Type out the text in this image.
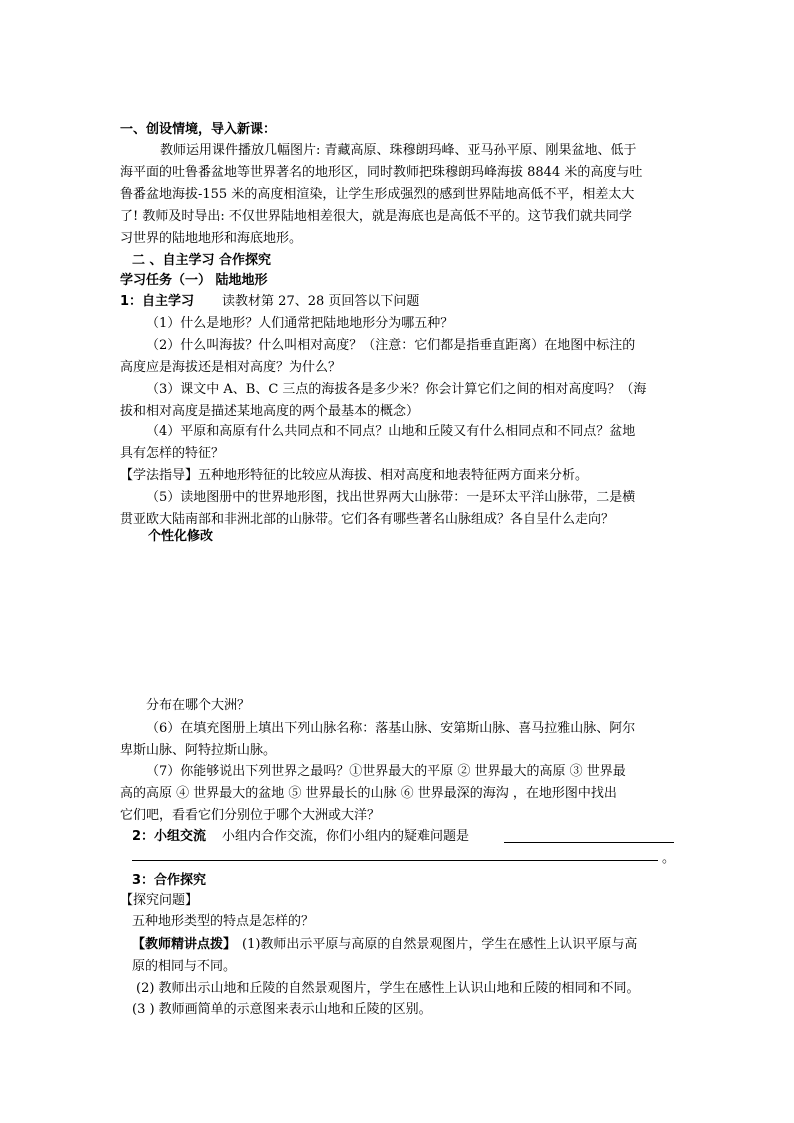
一、创设情境，导入新课：
教师运用课件播放几幅图片: 青藏高原、珠穆朗玛峰、亚马孙平原、刚果盆地、低于
海平面的吐鲁番盆地等世界著名的地形区，同时教师把珠穆朗玛峰海拔 8844 米的高度与吐
鲁番盆地海拔-155 米的高度相渲染，让学生形成强烈的感到世界陆地高低不平，相差太大
了! 教师及时导出: 不仅世界陆地相差很大，就是海底也是高低不平的。这节我们就共同学
习世界的陆地地形和海底地形。
二 、自主学习 合作探究
学习任务（一） 陆地地形
1：自主学习 读教材第 27、28 页回答以下问题
（1）什么是地形？人们通常把陆地地形分为哪五种？
（2）什么叫海拔？什么叫相对高度？（注意：它们都是指垂直距离）在地图中标注的
高度应是海拔还是相对高度？为什么？
（3）课文中 A、B、C 三点的海拔各是多少米？你会计算它们之间的相对高度吗？（海
拔和相对高度是描述某地高度的两个最基本的概念）
（4）平原和高原有什么共同点和不同点？山地和丘陵又有什么相同点和不同点？盆地
具有怎样的特征？
【学法指导】五种地形特征的比较应从海拔、相对高度和地表特征两方面来分析。
（5）读地图册中的世界地形图，找出世界两大山脉带：一是环太平洋山脉带，二是横
贯亚欧大陆南部和非洲北部的山脉带。它们各有哪些著名山脉组成？各自呈什么走向？
个性化修改
分布在哪个大洲？
（6）在填充图册上填出下列山脉名称：落基山脉、安第斯山脉、喜马拉雅山脉、阿尔
卑斯山脉、阿特拉斯山脉。
（7）你能够说出下列世界之最吗？①世界最大的平原 ② 世界最大的高原 ③ 世界最
高的高原 ④ 世界最大的盆地 ⑤ 世界最长的山脉 ⑥ 世界最深的海沟 ，在地形图中找出
它们吧，看看它们分别位于哪个大洲或大洋？
2：小组交流 小组内合作交流，你们小组内的疑难问题是
。
3：合作探究
【探究问题】
五种地形类型的特点是怎样的？
【教师精讲点拨】 (1)教师出示平原与高原的自然景观图片，学生在感性上认识平原与高
原的相同与不同。
(2) 教师出示山地和丘陵的自然景观图片，学生在感性上认识山地和丘陵的相同和不同。
(3 ) 教师画简单的示意图来表示山地和丘陵的区别。
